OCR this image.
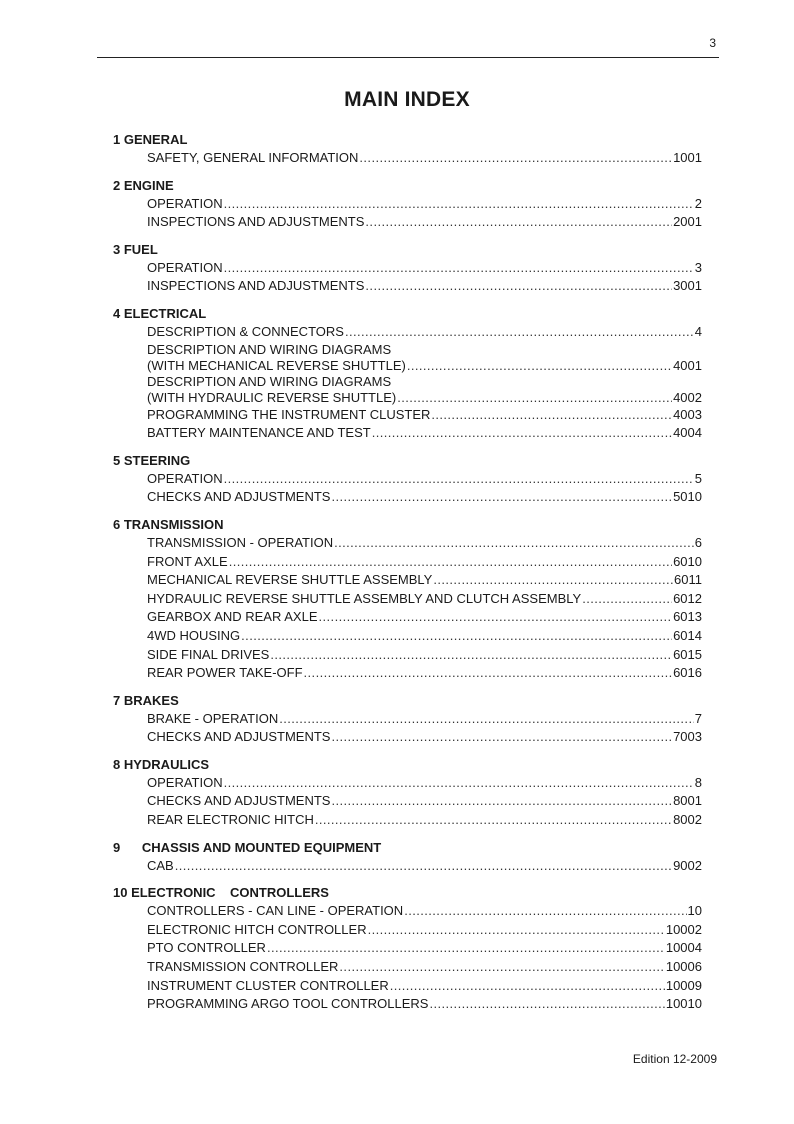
3
MAIN INDEX
1 GENERAL
SAFETY, GENERAL INFORMATION .....	1001
2 ENGINE
OPERATION .....	2
INSPECTIONS AND ADJUSTMENTS .....	2001
3 FUEL
OPERATION .....	3
INSPECTIONS AND ADJUSTMENTS .....	3001
4 ELECTRICAL
DESCRIPTION & CONNECTORS .....	4
DESCRIPTION AND WIRING DIAGRAMS
(WITH MECHANICAL REVERSE SHUTTLE) .....	4001
DESCRIPTION AND WIRING DIAGRAMS
(WITH HYDRAULIC REVERSE SHUTTLE) .....	4002
PROGRAMMING THE INSTRUMENT CLUSTER .....	4003
BATTERY MAINTENANCE AND TEST .....	4004
5 STEERING
OPERATION .....	5
CHECKS AND ADJUSTMENTS .....	5010
6 TRANSMISSION
TRANSMISSION - OPERATION .....	6
FRONT AXLE .....	6010
MECHANICAL REVERSE SHUTTLE ASSEMBLY .....	6011
HYDRAULIC REVERSE SHUTTLE ASSEMBLY AND CLUTCH ASSEMBLY .....	6012
GEARBOX AND REAR AXLE .....	6013
4WD HOUSING .....	6014
SIDE FINAL DRIVES .....	6015
REAR POWER TAKE-OFF .....	6016
7 BRAKES
BRAKE - OPERATION .....	7
CHECKS AND ADJUSTMENTS .....	7003
8 HYDRAULICS
OPERATION .....	8
CHECKS AND ADJUSTMENTS .....	8001
REAR ELECTRONIC HITCH .....	8002
9      CHASSIS AND MOUNTED EQUIPMENT
CAB .....	9002
10 ELECTRONIC    CONTROLLERS
CONTROLLERS - CAN LINE - OPERATION .....	10
ELECTRONIC HITCH CONTROLLER .....	10002
PTO CONTROLLER .....	10004
TRANSMISSION CONTROLLER .....	10006
INSTRUMENT CLUSTER CONTROLLER .....	10009
PROGRAMMING ARGO TOOL CONTROLLERS .....	10010
Edition 12-2009
